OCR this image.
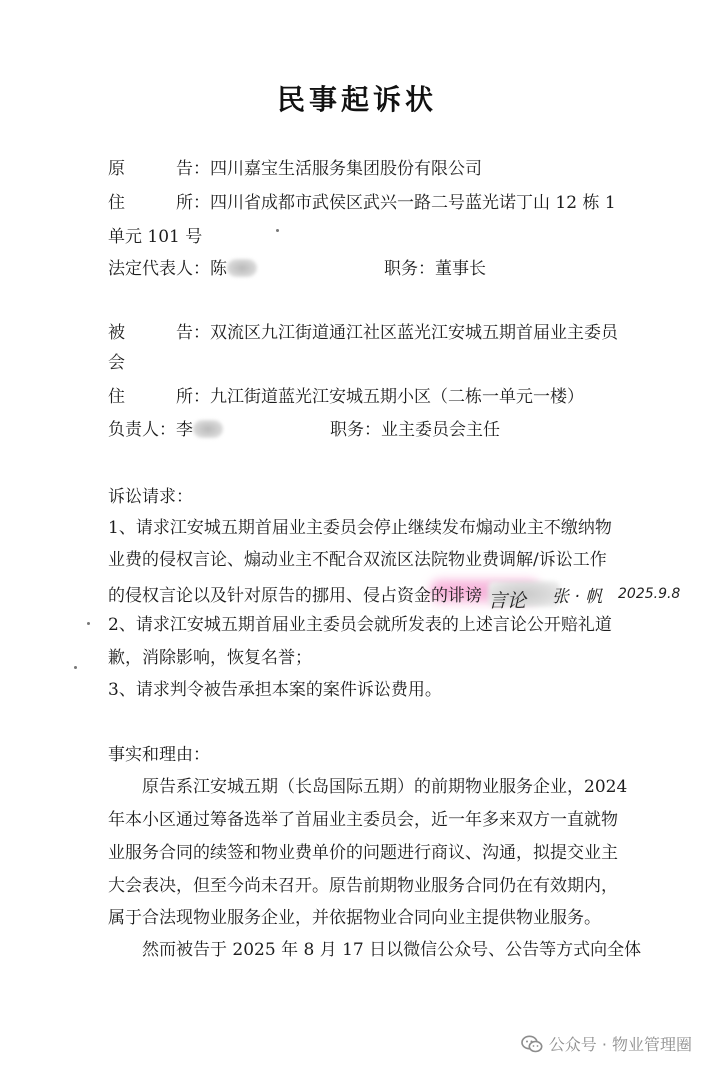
民事起诉状
原　　　告：四川嘉宝生活服务集团股份有限公司
住　　　所：四川省成都市武侯区武兴一路二号蓝光诺丁山 12 栋 1
单元 101 号
法定代表人：陈	职务：董事长
被　　　告：双流区九江街道通江社区蓝光江安城五期首届业主委员
会
住　　　所：九江街道蓝光江安城五期小区（二栋一单元一楼）
负责人：李	职务：业主委员会主任
诉讼请求：
1、请求江安城五期首届业主委员会停止继续发布煽动业主不缴纳物
业费的侵权言论、煽动业主不配合双流区法院物业费调解/诉讼工作
的侵权言论以及针对原告的挪用、侵占资金的诽谤 言论 张 · 帆 2025.9.8
2、请求江安城五期首届业主委员会就所发表的上述言论公开赔礼道
歉，消除影响，恢复名誉；
3、请求判令被告承担本案的案件诉讼费用。
事实和理由：
原告系江安城五期（长岛国际五期）的前期物业服务企业，2024
年本小区通过筹备选举了首届业主委员会，近一年多来双方一直就物
业服务合同的续签和物业费单价的问题进行商议、沟通，拟提交业主
大会表决，但至今尚未召开。原告前期物业服务合同仍在有效期内，
属于合法现物业服务企业，并依据物业合同向业主提供物业服务。
然而被告于 2025 年 8 月 17 日以微信公众号、公告等方式向全体
公众号 · 物业管理圈
